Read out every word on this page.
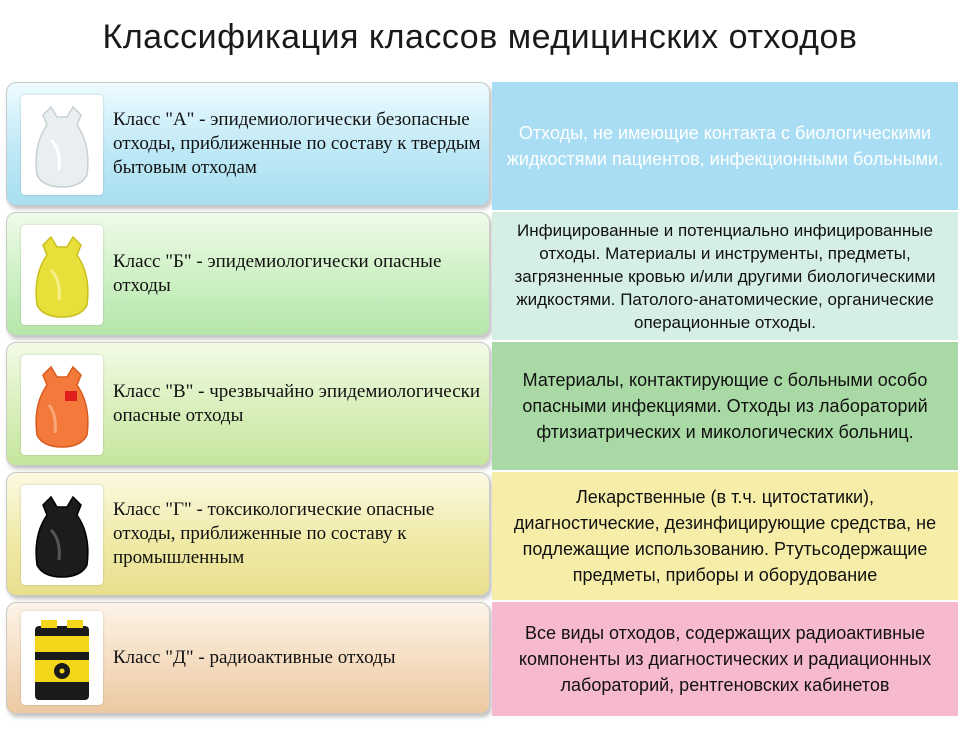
Классификация классов медицинских отходов
Класс "А" - эпидемиологически безопасные отходы, приближенные по составу к твердым бытовым отходам
Отходы, не имеющие контакта с биологическими жидкостями пациентов, инфекционными больными.
Класс "Б" - эпидемиологически опасные отходы
Инфицированные и потенциально инфицированные отходы. Материалы и инструменты, предметы, загрязненные кровью и/или другими биологическими жидкостями. Патолого-анатомические, органические операционные отходы.
Класс "В" - чрезвычайно эпидемиологически опасные отходы
Материалы, контактирующие с больными особо опасными инфекциями. Отходы из лабораторий фтизиатрических и микологических больниц.
Класс "Г" - токсикологические опасные отходы, приближенные по составу к промышленным
Лекарственные (в т.ч. цитостатики), диагностические, дезинфицирующие средства, не подлежащие использованию. Ртутьсодержащие предметы, приборы и оборудование
Класс "Д" - радиоактивные отходы
Все виды отходов, содержащих радиоактивные компоненты из диагностических и радиационных лабораторий, рентгеновских кабинетов
